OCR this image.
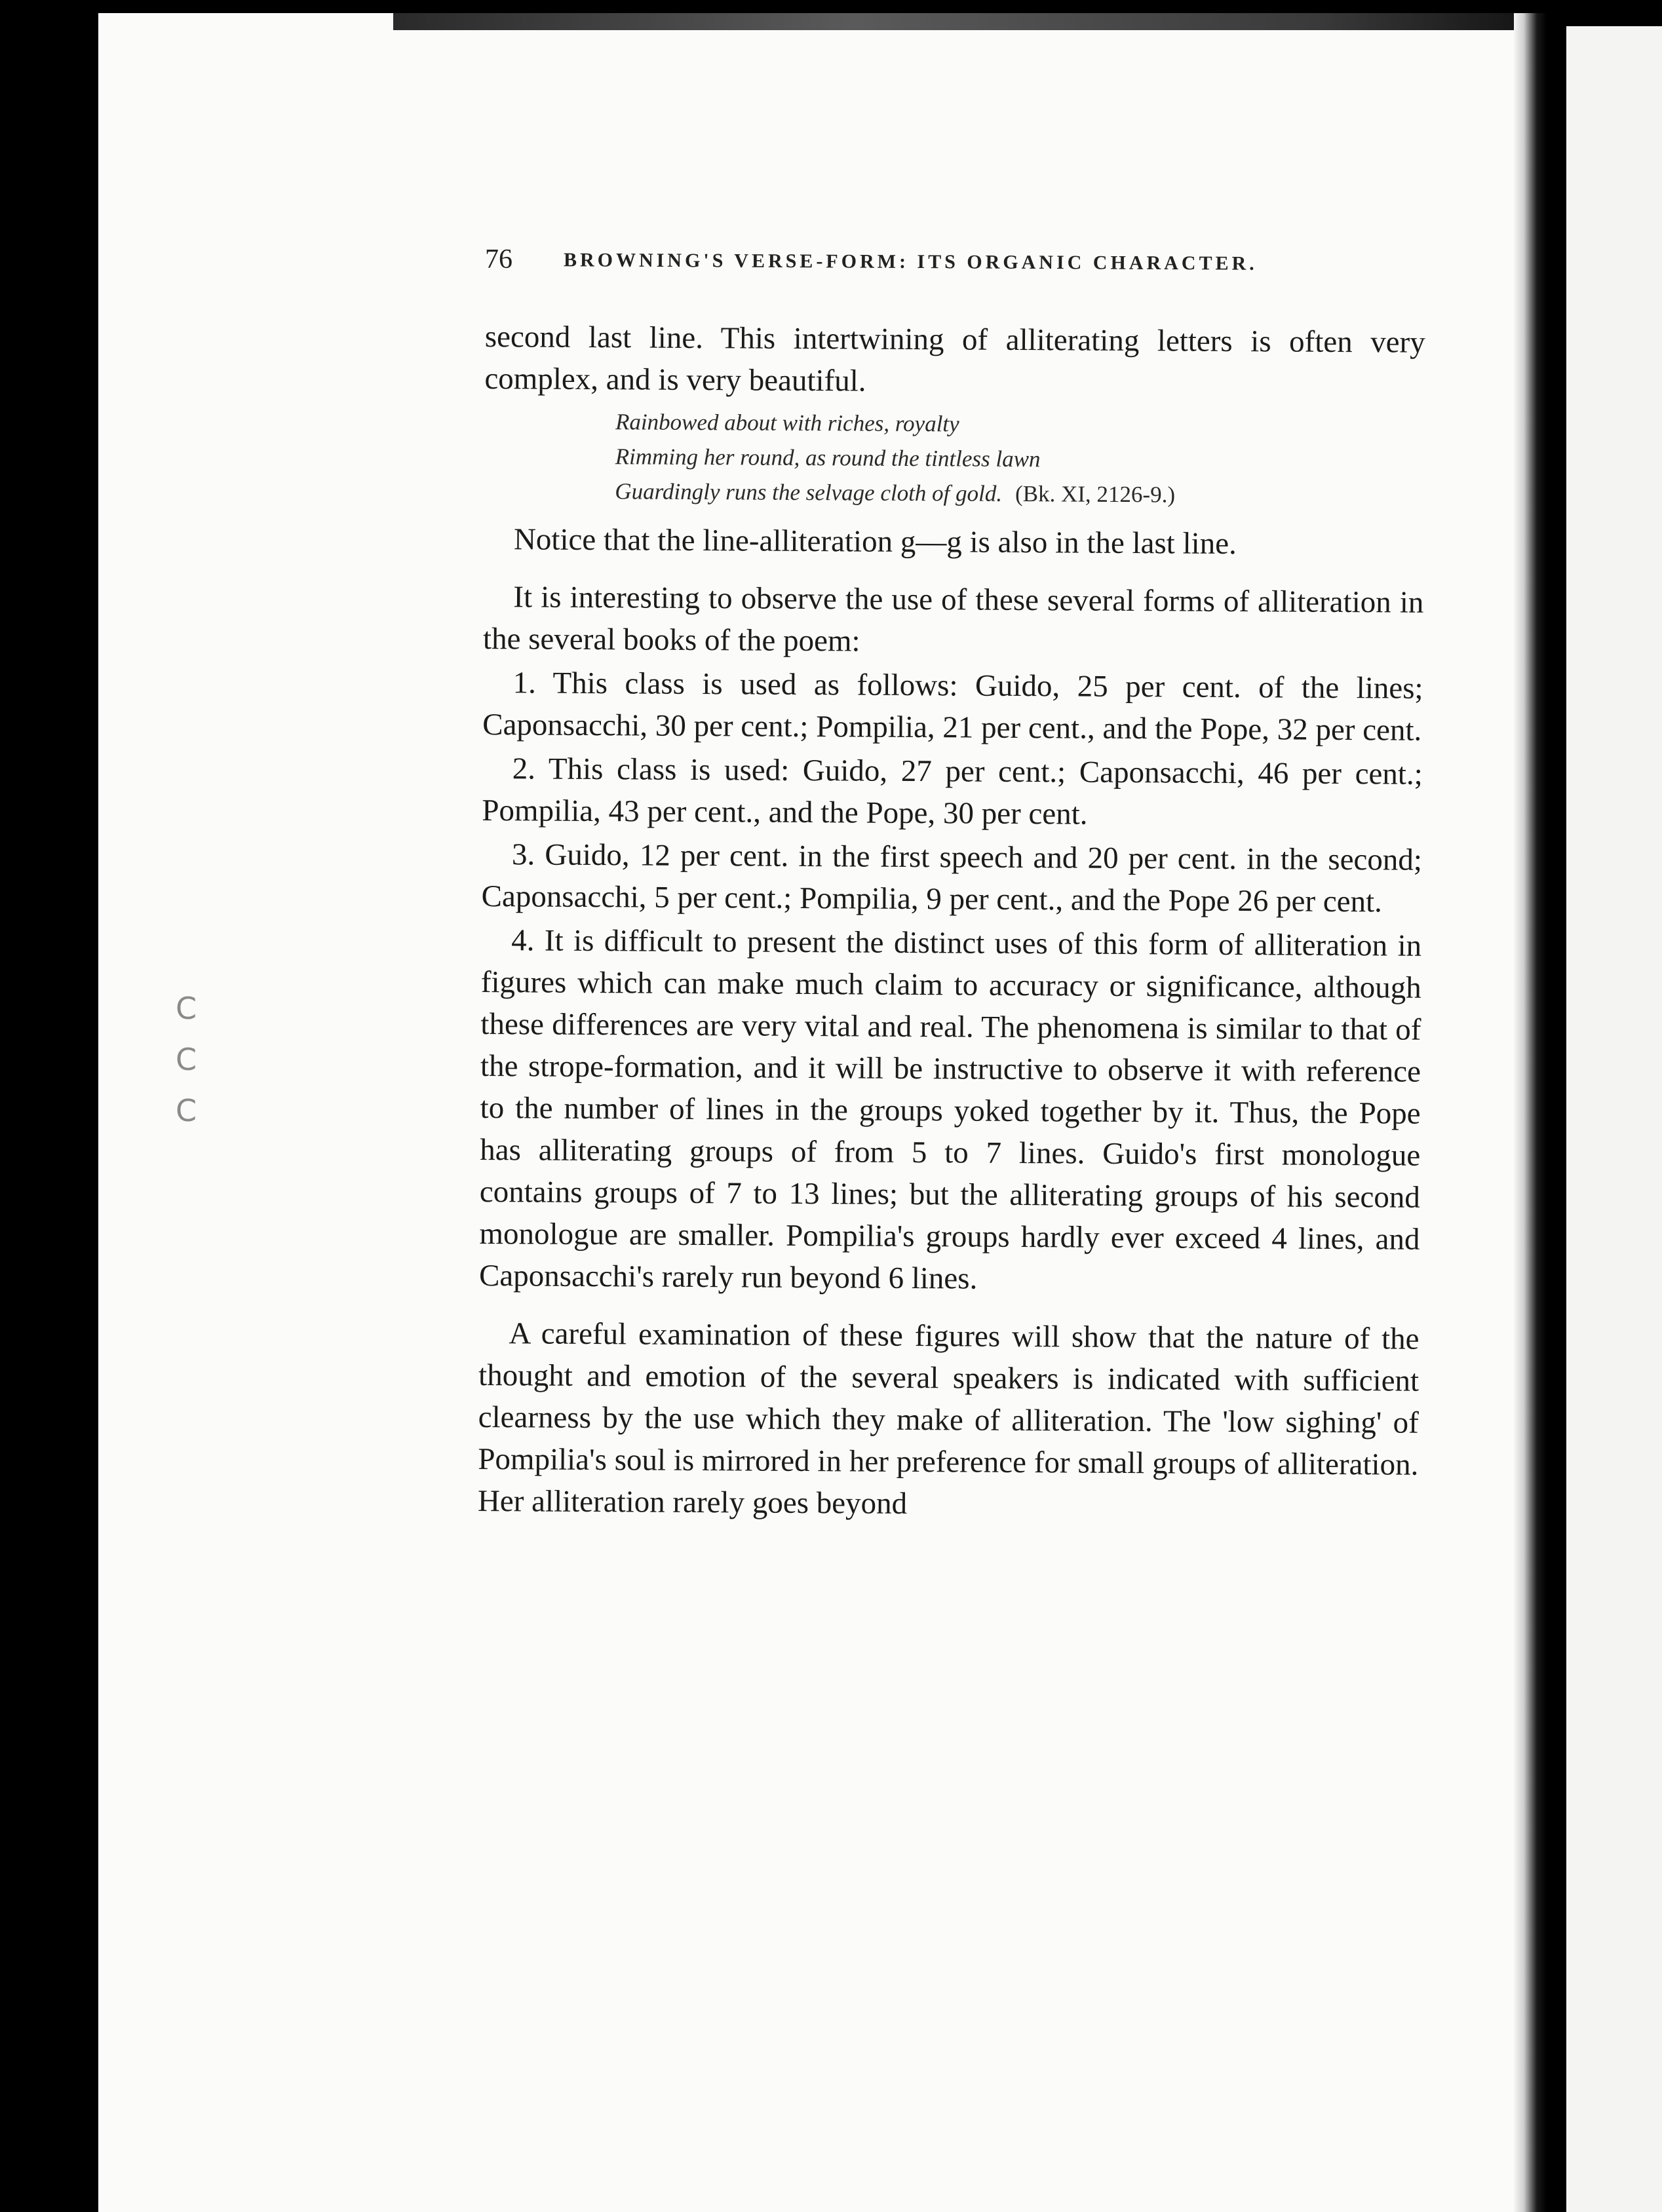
C
C
C
76	BROWNING'S VERSE-FORM: ITS ORGANIC CHARACTER.

second last line. This intertwining of alliterating letters is often very complex, and is very beautiful.

Rainbowed about with riches, royalty
Rimming her round, as round the tintless lawn
Guardingly runs the selvage cloth of gold. (Bk. XI, 2126-9.)

Notice that the line-alliteration g—g is also in the last line.

It is interesting to observe the use of these several forms of alliteration in the several books of the poem:

1. This class is used as follows: Guido, 25 per cent. of the lines; Caponsacchi, 30 per cent.; Pompilia, 21 per cent., and the Pope, 32 per cent.

2. This class is used: Guido, 27 per cent.; Caponsacchi, 46 per cent.; Pompilia, 43 per cent., and the Pope, 30 per cent.

3. Guido, 12 per cent. in the first speech and 20 per cent. in the second; Caponsacchi, 5 per cent.; Pompilia, 9 per cent., and the Pope 26 per cent.

4. It is difficult to present the distinct uses of this form of alliteration in figures which can make much claim to accuracy or significance, although these differences are very vital and real. The phenomena is similar to that of the strope-formation, and it will be instructive to observe it with reference to the number of lines in the groups yoked together by it. Thus, the Pope has alliterating groups of from 5 to 7 lines. Guido's first monologue contains groups of 7 to 13 lines; but the alliterating groups of his second monologue are smaller. Pompilia's groups hardly ever exceed 4 lines, and Caponsacchi's rarely run beyond 6 lines.

A careful examination of these figures will show that the nature of the thought and emotion of the several speakers is indicated with sufficient clearness by the use which they make of alliteration. The 'low sighing' of Pompilia's soul is mirrored in her preference for small groups of alliteration. Her alliteration rarely goes beyond
